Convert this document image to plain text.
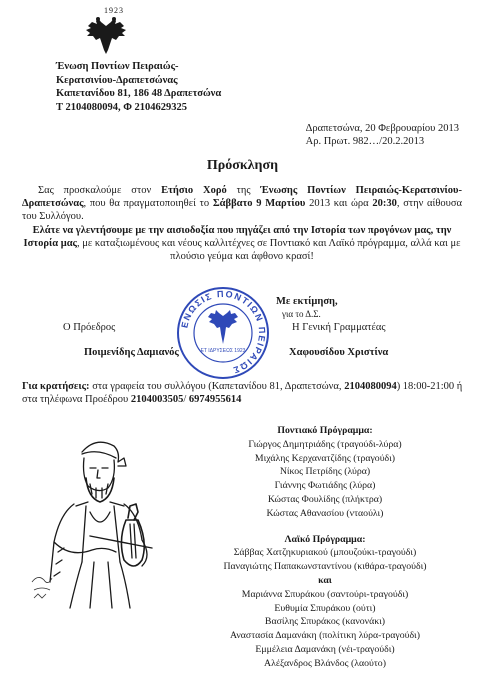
1923
Ένωση Ποντίων Πειραιώς-
Κερατσινίου-Δραπετσώνας
Καπετανίδου 81, 186 48 Δραπετσώνα
Τ 2104080094, Φ 2104629325
Δραπετσώνα, 20 Φεβρουαρίου 2013
Αρ. Πρωτ. 982…/20.2.2013
Πρόσκληση
Σας προσκαλούμε στον Ετήσιο Χορό της Ένωσης Ποντίων Πειραιώς-Κερατσινίου-Δραπετσώνας, που θα πραγματοποιηθεί το Σάββατο 9 Μαρτίου 2013 και ώρα 20:30, στην αίθουσα του Συλλόγου.
Ελάτε να γλεντήσουμε με την αισιοδοξία που πηγάζει από την Ιστορία των προγόνων μας, την Ιστορία μας, με καταξιωμένους και νέους καλλιτέχνες σε Ποντιακό και Λαϊκό πρόγραμμα, αλλά και με πλούσιο γεύμα και άφθονο κρασί!
ΕΝΩΣΙΣ ΠΟΝΤΙΩΝ ΠΕΙΡΑΙΩΣ
ΕΤ ΙΔΡΥΣΕΩΣ 1923
Με εκτίμηση,
για το Δ.Σ.
Ο Πρόεδρος
Ποιμενίδης Δαμιανός
Η Γενική Γραμματέας
Χαφουσίδου Χριστίνα
Για κρατήσεις: στα γραφεία του συλλόγου (Καπετανίδου 81, Δραπετσώνα, 2104080094) 18:00-21:00 ή στα τηλέφωνα Προέδρου 2104003505/ 6974955614
Ποντιακό Πρόγραμμα:
Γιώργος Δημητριάδης (τραγούδι-λύρα)
Μιχάλης Κερχανατζίδης (τραγούδι)
Νίκος Πετρίδης (λύρα)
Γιάννης Φωτιάδης (λύρα)
Κώστας Φουλίδης (πλήκτρα)
Κώστας Αθανασίου (νταούλι)
Λαϊκό Πρόγραμμα:
Σάββας Χατζηκυριακού (μπουζούκι-τραγούδι)
Παναγιώτης Παπακωνσταντίνου (κιθάρα-τραγούδι)
και
Μαριάννα Σπυράκου (σαντούρι-τραγούδι)
Ευθυμία Σπυράκου (ούτι)
Βασίλης Σπυράκος (κανονάκι)
Αναστασία Δαμανάκη (πολίτικη λύρα-τραγούδι)
Εμμέλεια Δαμανάκη (νέι-τραγούδι)
Αλέξανδρος Βλάνδος (λαούτο)
